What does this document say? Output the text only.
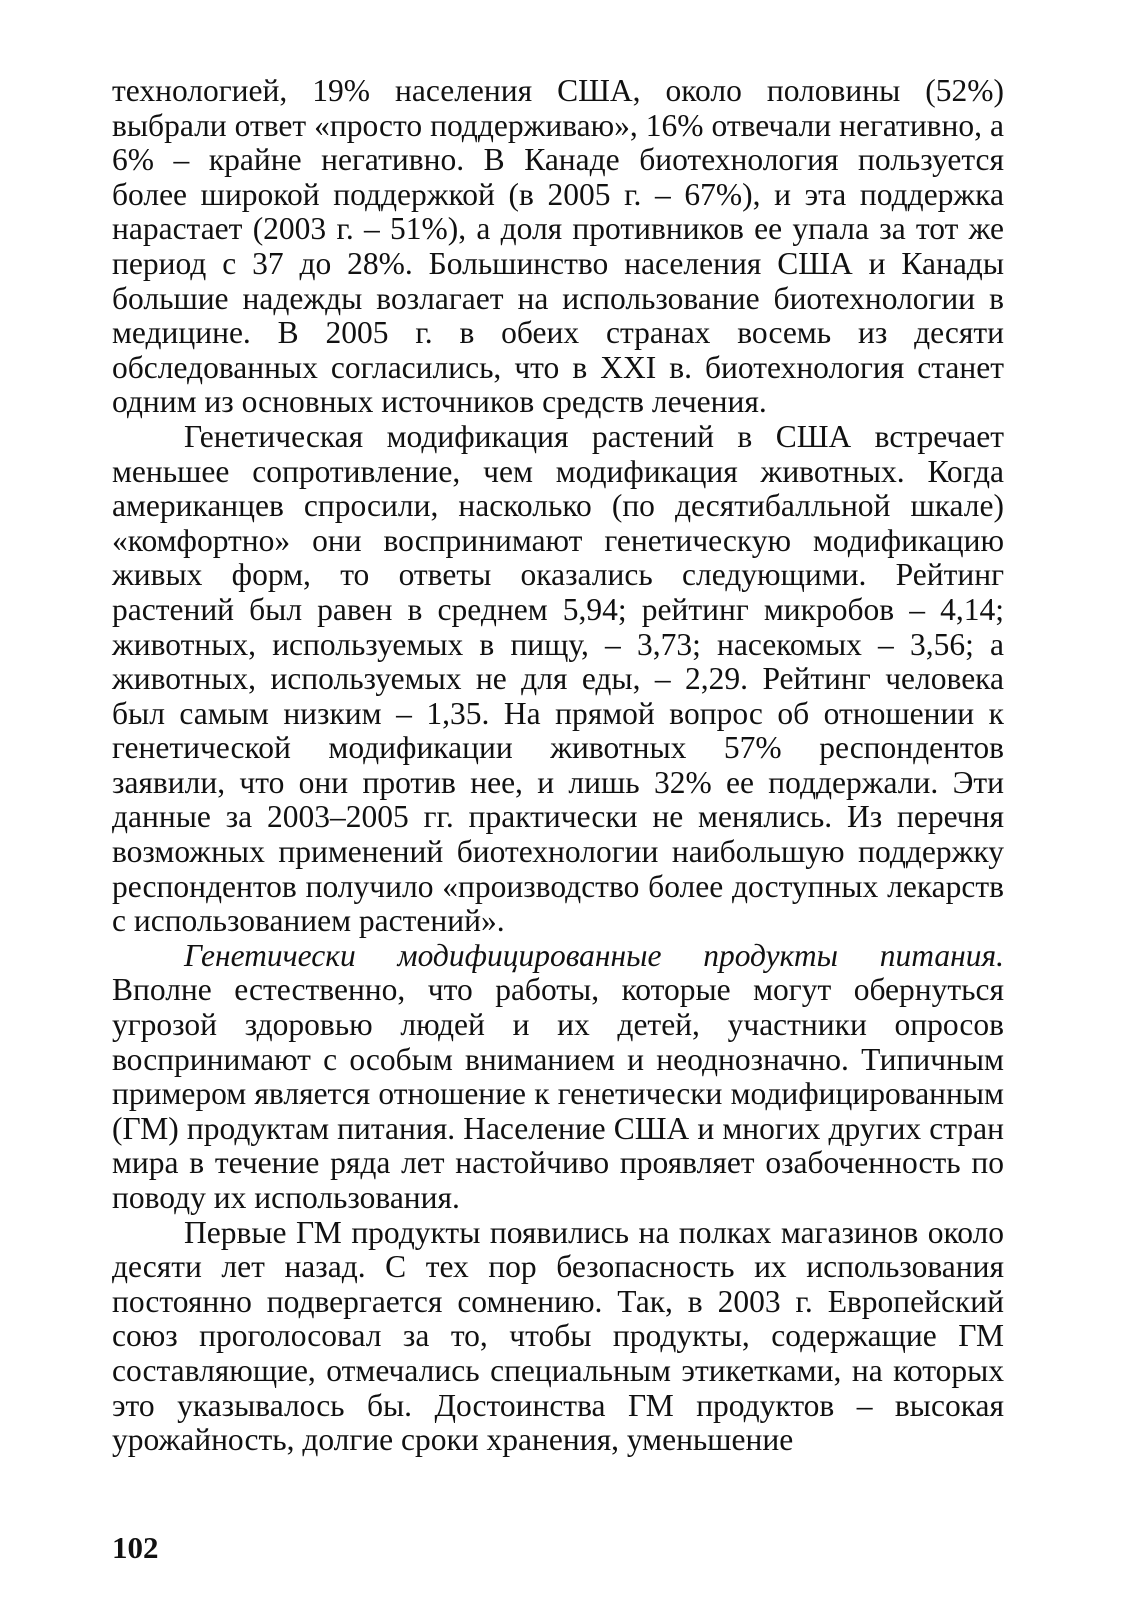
технологией, 19% населения США, около половины (52%) выбрали ответ «просто поддерживаю», 16% отвечали негативно, а 6% – крайне негативно. В Канаде биотехнология пользуется более широкой поддержкой (в 2005 г. – 67%), и эта поддержка нарастает (2003 г. – 51%), а доля противников ее упала за тот же период с 37 до 28%. Большинство населения США и Канады большие надежды возлагает на использование биотехнологии в медицине. В 2005 г. в обеих странах восемь из десяти обследованных согласились, что в XXI в. биотехнология станет одним из основных источников средств лечения.

Генетическая модификация растений в США встречает меньшее сопротивление, чем модификация животных. Когда американцев спросили, насколько (по десятибалльной шкале) «комфортно» они воспринимают генетическую модификацию живых форм, то ответы оказались следующими. Рейтинг растений был равен в среднем 5,94; рейтинг микробов – 4,14; животных, используемых в пищу, – 3,73; насекомых – 3,56; а животных, используемых не для еды, – 2,29. Рейтинг человека был самым низким – 1,35. На прямой вопрос об отношении к генетической модификации животных 57% респондентов заявили, что они против нее, и лишь 32% ее поддержали. Эти данные за 2003–2005 гг. практически не менялись. Из перечня возможных применений биотехнологии наибольшую поддержку респондентов получило «производство более доступных лекарств с использованием растений».

Генетически модифицированные продукты питания. Вполне естественно, что работы, которые могут обернуться угрозой здоровью людей и их детей, участники опросов воспринимают с особым вниманием и неоднозначно. Типичным примером является отношение к генетически модифицированным (ГМ) продуктам питания. Население США и многих других стран мира в течение ряда лет настойчиво проявляет озабоченность по поводу их использования.

Первые ГМ продукты появились на полках магазинов около десяти лет назад. С тех пор безопасность их использования постоянно подвергается сомнению. Так, в 2003 г. Европейский союз проголосовал за то, чтобы продукты, содержащие ГМ составляющие, отмечались специальным этикетками, на которых это указывалось бы. Достоинства ГМ продуктов – высокая урожайность, долгие сроки хранения, уменьшение

102
